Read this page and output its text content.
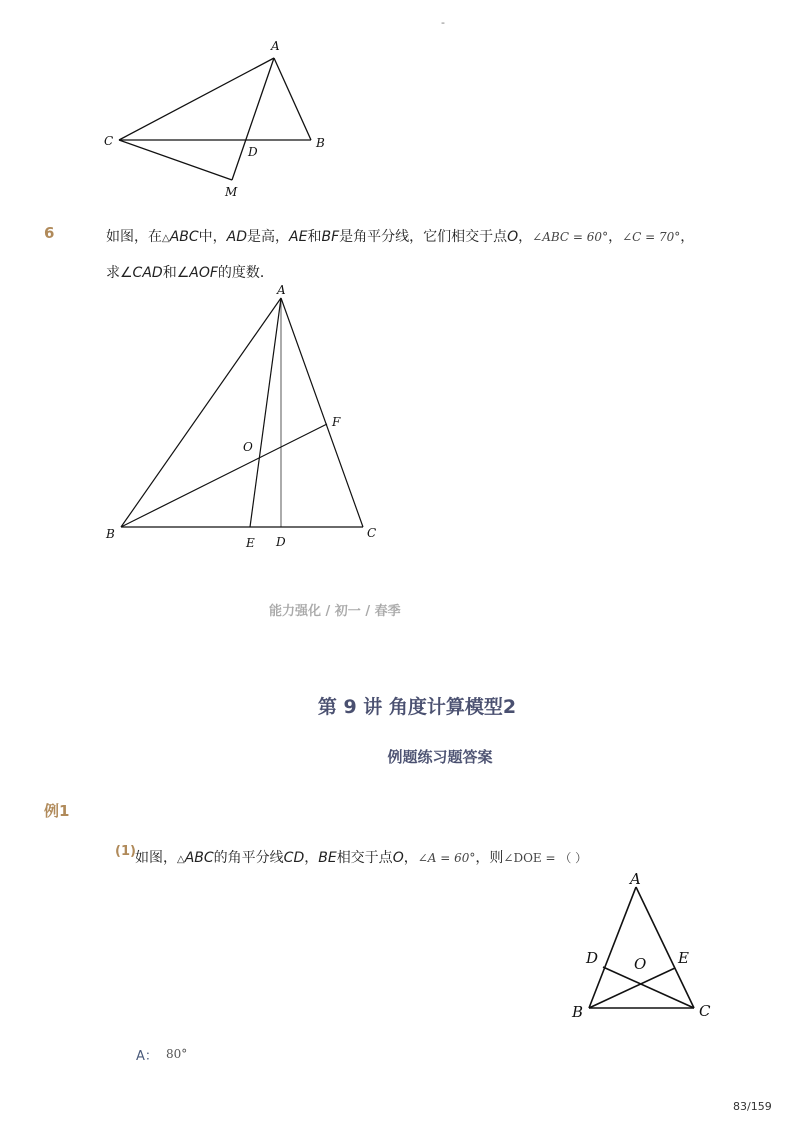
-
A
B
C
D
M
6	如图，在△ABC中，AD是高，AE和BF是角平分线，它们相交于点O，∠ABC = 60°，∠C = 70°，
求∠CAD和∠AOF的度数．
A
B	C
D
E
F
O
能力强化 / 初一 / 春季
第 9 讲 角度计算模型2
例题练习题答案
例1
(1) 如图，△ABC的角平分线CD，BE相交于点O，∠A = 60°，则∠DOE = （ ）
A
B	C
D	E
O
A： 80°
83/159
